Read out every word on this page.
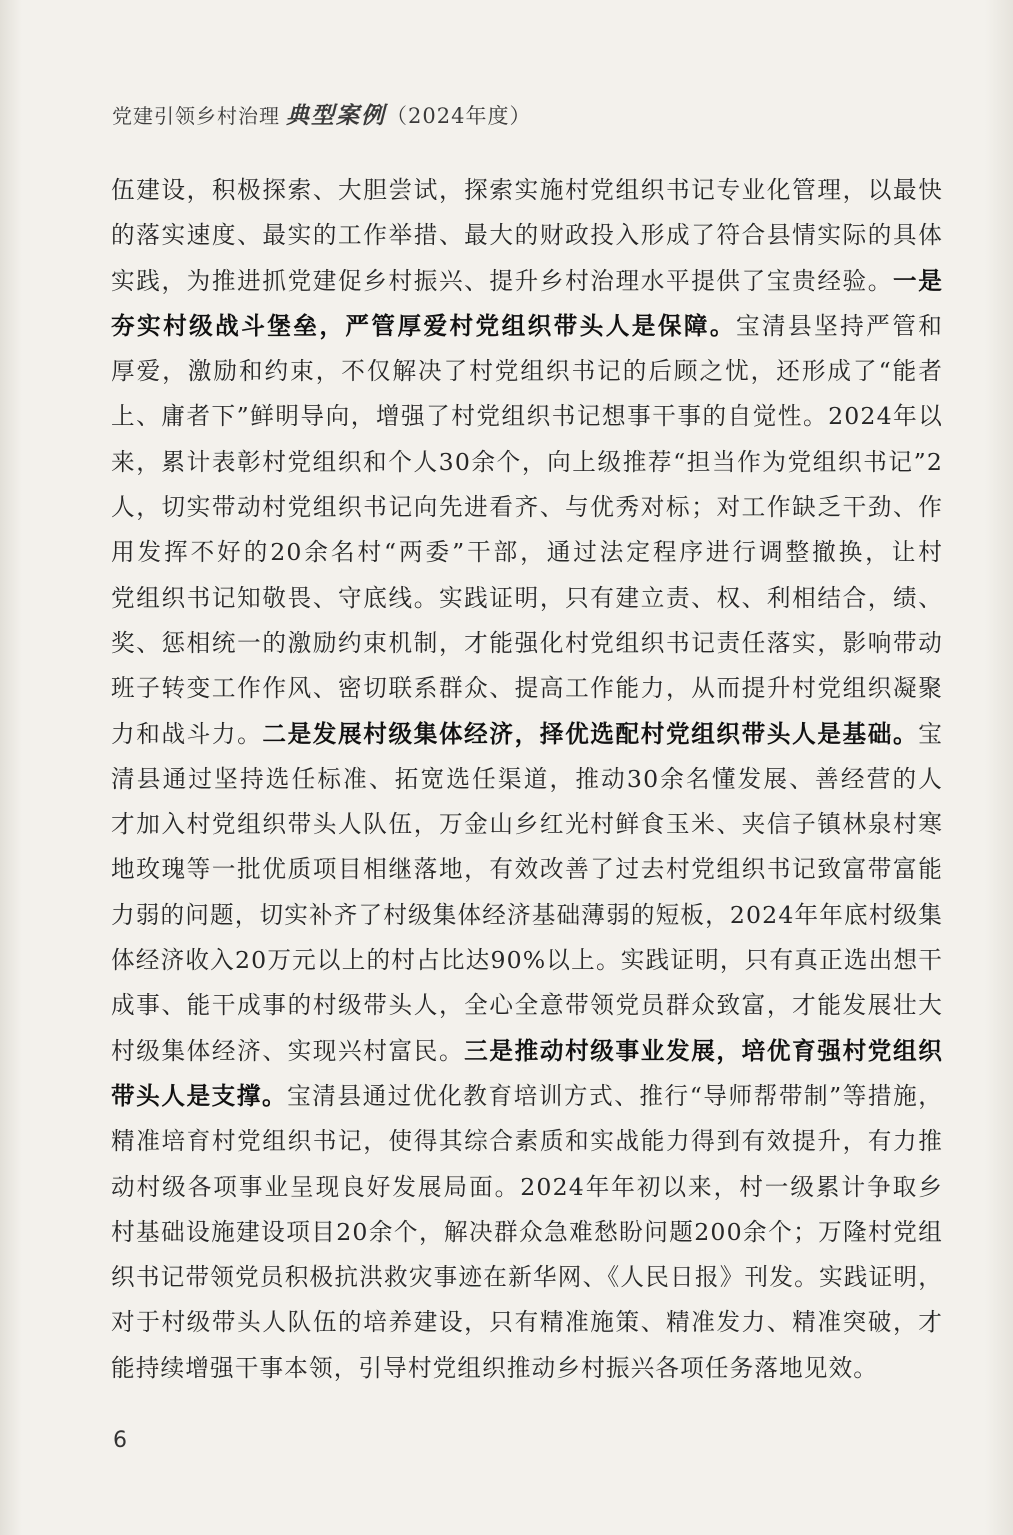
党建引领乡村治理 典型案例（2024年度）
伍建设，积极探索、大胆尝试，探索实施村党组织书记专业化管理，以最快
的落实速度、最实的工作举措、最大的财政投入形成了符合县情实际的具体
实践，为推进抓党建促乡村振兴、提升乡村治理水平提供了宝贵经验。一是
夯实村级战斗堡垒，严管厚爱村党组织带头人是保障。宝清县坚持严管和
厚爱，激励和约束，不仅解决了村党组织书记的后顾之忧，还形成了“能者
上、庸者下”鲜明导向，增强了村党组织书记想事干事的自觉性。2024年以
来，累计表彰村党组织和个人30余个，向上级推荐“担当作为党组织书记”2
人，切实带动村党组织书记向先进看齐、与优秀对标；对工作缺乏干劲、作
用发挥不好的20余名村“两委”干部，通过法定程序进行调整撤换，让村
党组织书记知敬畏、守底线。实践证明，只有建立责、权、利相结合，绩、
奖、惩相统一的激励约束机制，才能强化村党组织书记责任落实，影响带动
班子转变工作作风、密切联系群众、提高工作能力，从而提升村党组织凝聚
力和战斗力。二是发展村级集体经济，择优选配村党组织带头人是基础。宝
清县通过坚持选任标准、拓宽选任渠道，推动30余名懂发展、善经营的人
才加入村党组织带头人队伍，万金山乡红光村鲜食玉米、夹信子镇林泉村寒
地玫瑰等一批优质项目相继落地，有效改善了过去村党组织书记致富带富能
力弱的问题，切实补齐了村级集体经济基础薄弱的短板，2024年年底村级集
体经济收入20万元以上的村占比达90%以上。实践证明，只有真正选出想干
成事、能干成事的村级带头人，全心全意带领党员群众致富，才能发展壮大
村级集体经济、实现兴村富民。三是推动村级事业发展，培优育强村党组织
带头人是支撑。宝清县通过优化教育培训方式、推行“导师帮带制”等措施，
精准培育村党组织书记，使得其综合素质和实战能力得到有效提升，有力推
动村级各项事业呈现良好发展局面。2024年年初以来，村一级累计争取乡
村基础设施建设项目20余个，解决群众急难愁盼问题200余个；万隆村党组
织书记带领党员积极抗洪救灾事迹在新华网、《人民日报》刊发。实践证明，
对于村级带头人队伍的培养建设，只有精准施策、精准发力、精准突破，才
能持续增强干事本领，引导村党组织推动乡村振兴各项任务落地见效。
6
